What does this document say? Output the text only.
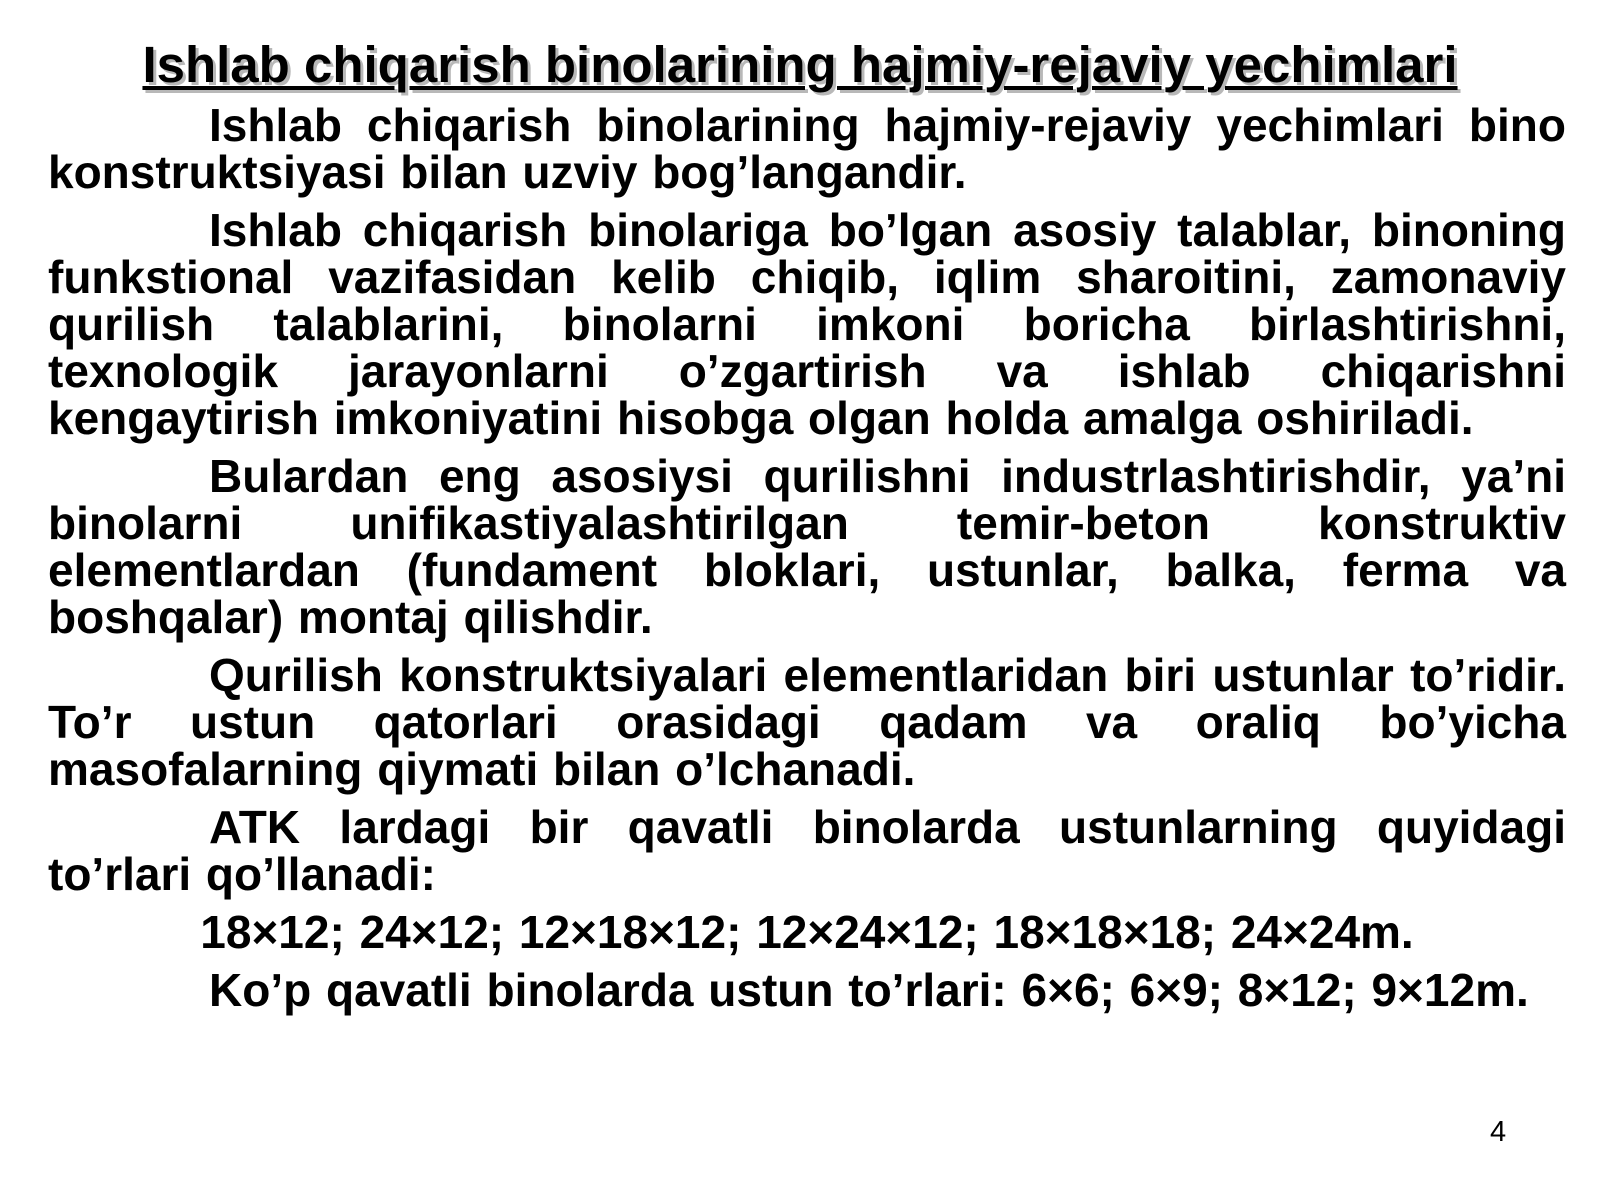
Ishlab chiqarish binolarining hajmiy-rejaviy yechimlari

Ishlab chiqarish binolarining hajmiy-rejaviy yechimlari bino konstruktsiyasi bilan uzviy bog’langandir.

Ishlab chiqarish binolariga bo’lgan asosiy talablar, binoning funkstional vazifasidan kelib chiqib, iqlim sharoitini, zamonaviy qurilish talablarini, binolarni imkoni boricha birlashtirishni, texnologik jarayonlarni o’zgartirish va ishlab chiqarishni kengaytirish imkoniyatini hisobga olgan holda amalga oshiriladi.

Bulardan eng asosiysi qurilishni industrlashtirishdir, ya’ni binolarni unifikastiyalashtirilgan temir-beton konstruktiv elementlardan (fundament bloklari, ustunlar, balka, ferma va boshqalar) montaj qilishdir.

Qurilish konstruktsiyalari elementlaridan biri ustunlar to’ridir. To’r ustun qatorlari orasidagi qadam va oraliq bo’yicha masofalarning qiymati bilan o’lchanadi.

ATK lardagi bir qavatli binolarda ustunlarning quyidagi to’rlari qo’llanadi:

18×12; 24×12; 12×18×12; 12×24×12; 18×18×18; 24×24m.

Ko’p qavatli binolarda ustun to’rlari: 6×6; 6×9; 8×12; 9×12m.

4
